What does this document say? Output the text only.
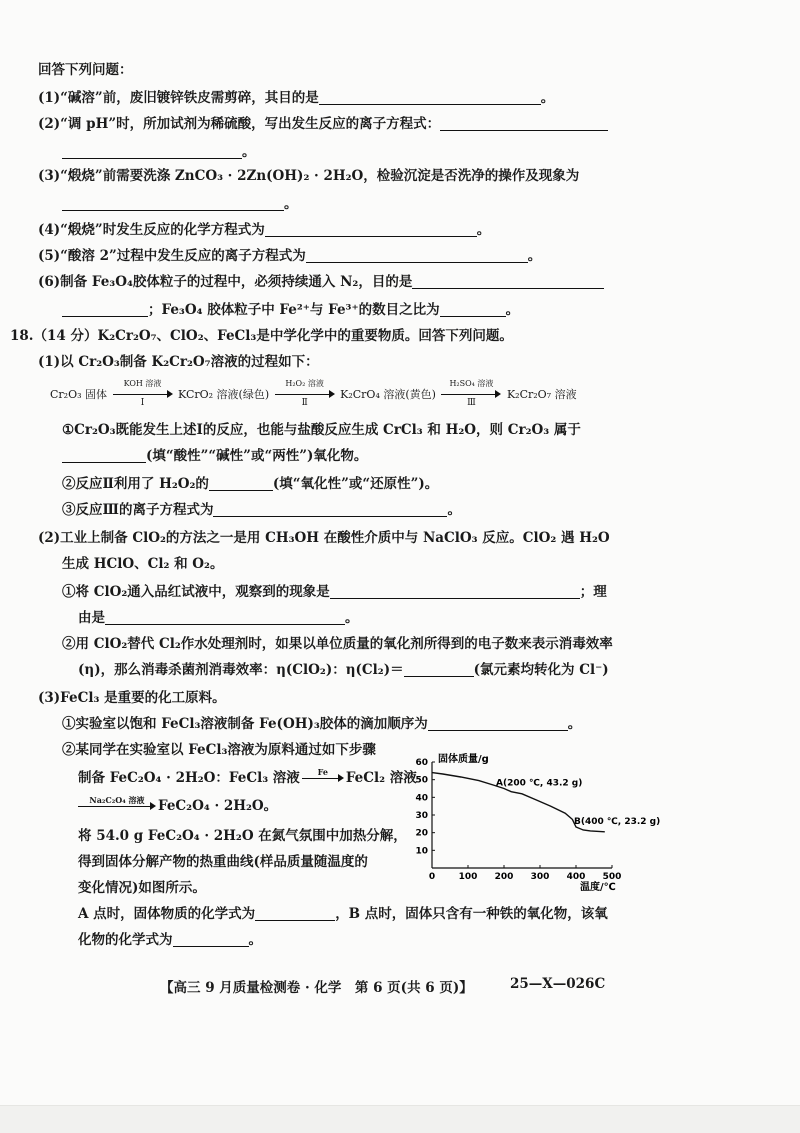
回答下列问题：
(1)“碱溶”前，废旧镀锌铁皮需剪碎，其目的是	。
(2)“调 pH”时，所加试剂为稀硫酸，写出发生反应的离子方程式：
。
(3)“煅烧”前需要洗涤 ZnCO₃ · 2Zn(OH)₂ · 2H₂O，检验沉淀是否洗净的操作及现象为
。
(4)“煅烧”时发生反应的化学方程式为	。
(5)“酸溶 2”过程中发生反应的离子方程式为	。
(6)制备 Fe₃O₄胶体粒子的过程中，必须持续通入 N₂，目的是
；Fe₃O₄ 胶体粒子中 Fe²⁺与 Fe³⁺的数目之比为	。
18.（14 分）K₂Cr₂O₇、ClO₂、FeCl₃是中学化学中的重要物质。回答下列问题。
(1)以 Cr₂O₃制备 K₂Cr₂O₇溶液的过程如下：
Cr₂O₃ 固体
KOH 溶液
Ⅰ
KCrO₂ 溶液(绿色)
H₂O₂ 溶液
Ⅱ
K₂CrO₄ 溶液(黄色)
H₂SO₄ 溶液
Ⅲ
K₂Cr₂O₇ 溶液
①Cr₂O₃既能发生上述Ⅰ的反应，也能与盐酸反应生成 CrCl₃ 和 H₂O，则 Cr₂O₃ 属于
(填“酸性”“碱性”或“两性”)氧化物。
②反应Ⅱ利用了 H₂O₂的	(填“氧化性”或“还原性”)。
③反应Ⅲ的离子方程式为	。
(2)工业上制备 ClO₂的方法之一是用 CH₃OH 在酸性介质中与 NaClO₃ 反应。ClO₂ 遇 H₂O
生成 HClO、Cl₂ 和 O₂。
①将 ClO₂通入品红试液中，观察到的现象是	；理
由是	。
②用 ClO₂替代 Cl₂作水处理剂时，如果以单位质量的氧化剂所得到的电子数来表示消毒效率
(η)，那么消毒杀菌剂消毒效率：η(ClO₂)：η(Cl₂)＝	(氯元素均转化为 Cl⁻)
(3)FeCl₃ 是重要的化工原料。
①实验室以饱和 FeCl₃溶液制备 Fe(OH)₃胶体的滴加顺序为	。
②某同学在实验室以 FeCl₃溶液为原料通过如下步骤
制备 FeC₂O₄ · 2H₂O：FeCl₃ 溶液	Fe	FeCl₂ 溶液
Na₂C₂O₄ 溶液 FeC₂O₄ · 2H₂O。
将 54.0 g FeC₂O₄ · 2H₂O 在氮气氛围中加热分解，
得到固体分解产物的热重曲线(样品质量随温度的
变化情况)如图所示。
A 点时，固体物质的化学式为	，B 点时，固体只含有一种铁的氧化物，该氧
化物的化学式为	。
固体质量/g
温度/℃
0	100 200 300 400 500
10
20
30
40
50
60
A(200 ℃, 43.2 g)
B(400 ℃, 23.2 g)
【高三 9 月质量检测卷 · 化学　第 6 页(共 6 页)】	25—X—026C
